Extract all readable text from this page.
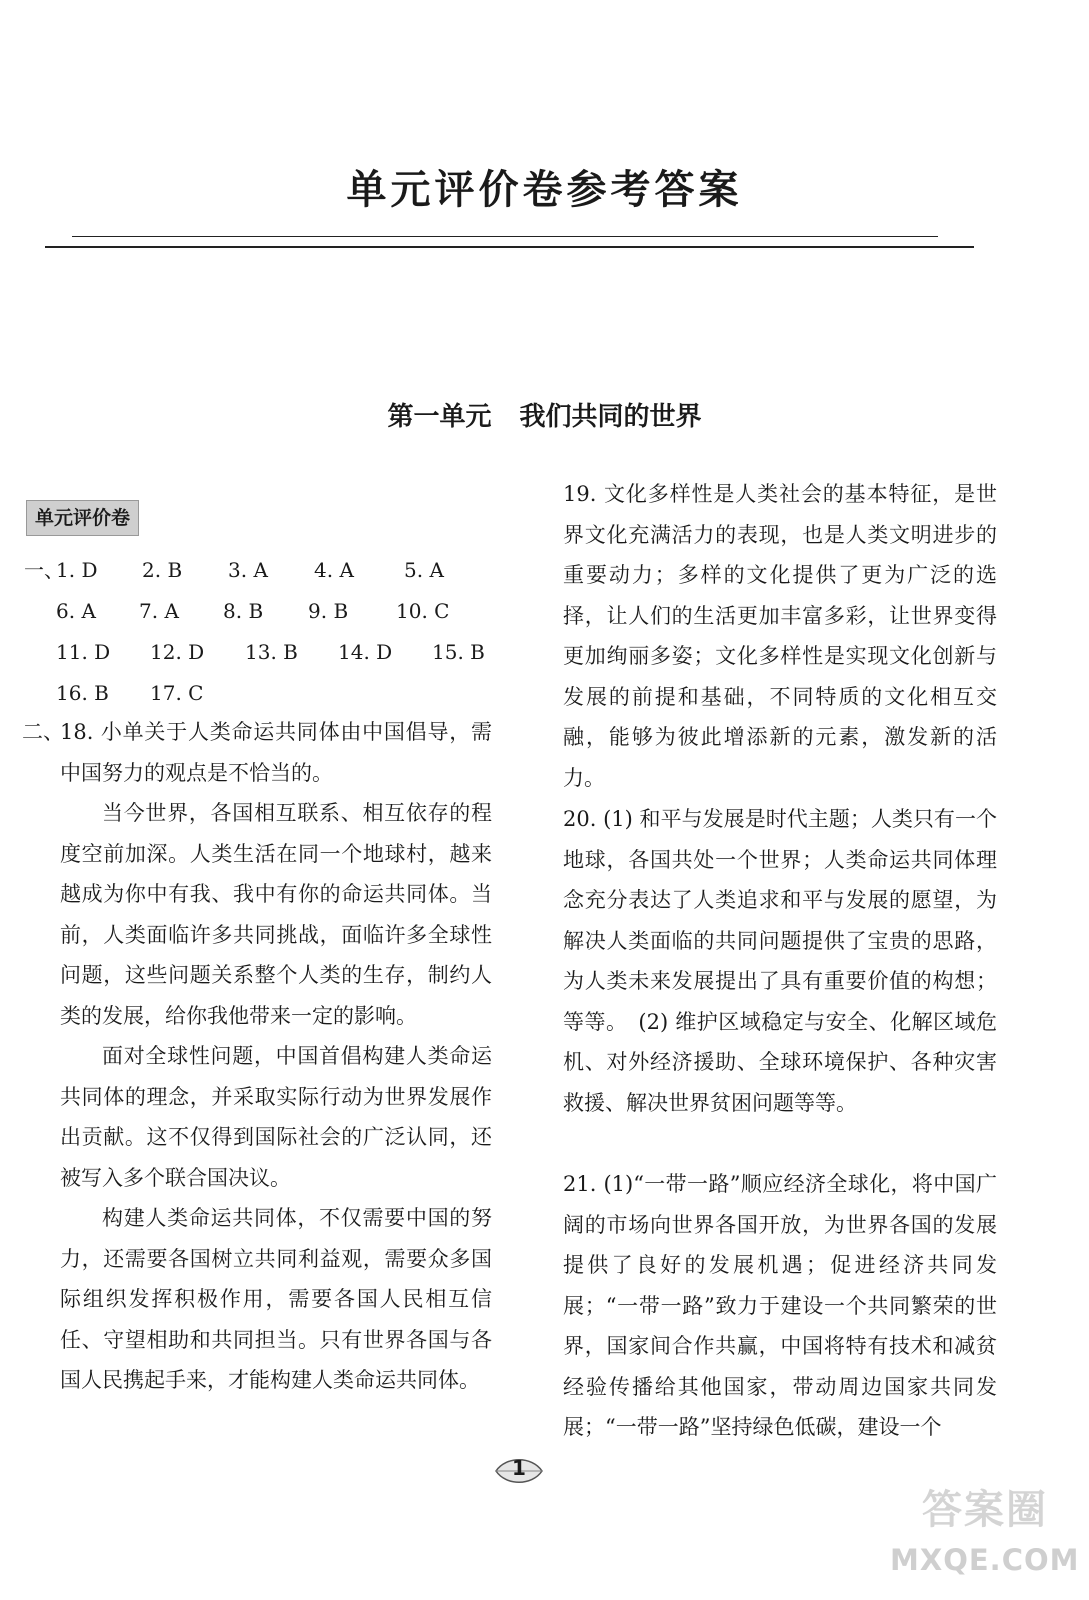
单元评价卷参考答案
第一单元 我们共同的世界
单元评价卷
一、
1. D 2. B 3. A 4. A	5. A
6. A 7. A 8. B 9. B 10. C
11. D 12. D 13. B 14. D 15. B
16. B 17. C
二、
18. 小单关于人类命运共同体由中国倡导，需中国努力的观点是不恰当的。
当今世界，各国相互联系、相互依存的程度空前加深。人类生活在同一个地球村，越来越成为你中有我、我中有你的命运共同体。当前，人类面临许多共同挑战，面临许多全球性问题，这些问题关系整个人类的生存，制约人类的发展，给你我他带来一定的影响。
面对全球性问题，中国首倡构建人类命运共同体的理念，并采取实际行动为世界发展作出贡献。这不仅得到国际社会的广泛认同，还被写入多个联合国决议。
构建人类命运共同体，不仅需要中国的努力，还需要各国树立共同利益观，需要众多国际组织发挥积极作用，需要各国人民相互信任、守望相助和共同担当。只有世界各国与各国人民携起手来，才能构建人类命运共同体。
19. 文化多样性是人类社会的基本特征，是世界文化充满活力的表现，也是人类文明进步的重要动力；多样的文化提供了更为广泛的选择，让人们的生活更加丰富多彩，让世界变得更加绚丽多姿；文化多样性是实现文化创新与发展的前提和基础，不同特质的文化相互交融，能够为彼此增添新的元素，激发新的活力。
20. (1) 和平与发展是时代主题；人类只有一个地球，各国共处一个世界；人类命运共同体理念充分表达了人类追求和平与发展的愿望，为解决人类面临的共同问题提供了宝贵的思路，为人类未来发展提出了具有重要价值的构想；等等。　(2) 维护区域稳定与安全、化解区域危机、对外经济援助、全球环境保护、各种灾害救援、解决世界贫困问题等等。
21. (1)“一带一路”顺应经济全球化，将中国广阔的市场向世界各国开放，为世界各国的发展提供了良好的发展机遇；促进经济共同发展；“一带一路”致力于建设一个共同繁荣的世界，国家间合作共赢，中国将特有技术和减贫经验传播给其他国家，带动周边国家共同发展；“一带一路”坚持绿色低碳，建设一个
1
答案圈
MXQE.COM
